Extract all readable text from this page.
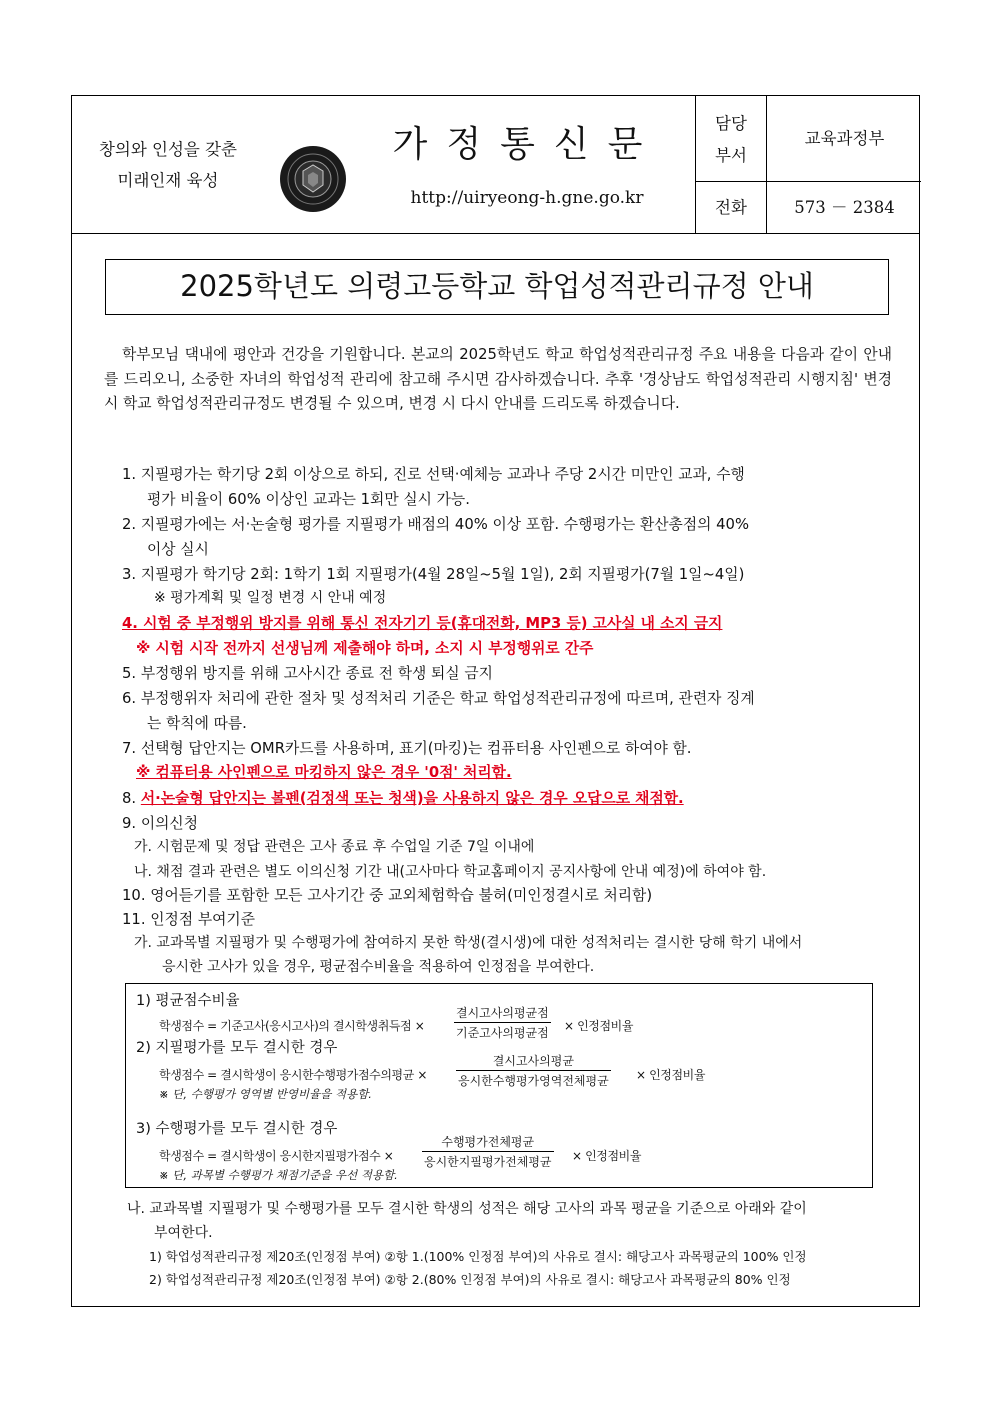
창의와 인성을 갖춘
미래인재 육성
가정통신문
http://uiryeong-h.gne.go.kr
담당
부서
교육과정부
전화	573 － 2384
2025학년도 의령고등학교 학업성적관리규정 안내
학부모님 댁내에 평안과 건강을 기원합니다. 본교의 2025학년도 학교 학업성적관리규정 주요 내용을 다음과 같이 안내를 드리오니, 소중한 자녀의 학업성적 관리에 참고해 주시면 감사하겠습니다. 추후 '경상남도 학업성적관리 시행지침' 변경 시 학교 학업성적관리규정도 변경될 수 있으며, 변경 시 다시 안내를 드리도록 하겠습니다.
1. 지필평가는 학기당 2회 이상으로 하되, 진로 선택·예체능 교과나 주당 2시간 미만인 교과, 수행
평가 비율이 60% 이상인 교과는 1회만 실시 가능.
2. 지필평가에는 서·논술형 평가를 지필평가 배점의 40% 이상 포함. 수행평가는 환산총점의 40%
이상 실시
3. 지필평가 학기당 2회: 1학기 1회 지필평가(4월 28일~5월 1일), 2회 지필평가(7월 1일~4일)
※ 평가계획 및 일정 변경 시 안내 예정
4. 시험 중 부정행위 방지를 위해 통신 전자기기 등(휴대전화, MP3 등) 고사실 내 소지 금지
※ 시험 시작 전까지 선생님께 제출해야 하며, 소지 시 부정행위로 간주
5. 부정행위 방지를 위해 고사시간 종료 전 학생 퇴실 금지
6. 부정행위자 처리에 관한 절차 및 성적처리 기준은 학교 학업성적관리규정에 따르며, 관련자 징계
는 학칙에 따름.
7. 선택형 답안지는 OMR카드를 사용하며, 표기(마킹)는 컴퓨터용 사인펜으로 하여야 함.
※ 컴퓨터용 사인펜으로 마킹하지 않은 경우 '0점' 처리함.
8. 서·논술형 답안지는 볼펜(검정색 또는 청색)을 사용하지 않은 경우 오답으로 채점함.
9. 이의신청
가. 시험문제 및 정답 관련은 고사 종료 후 수업일 기준 7일 이내에
나. 채점 결과 관련은 별도 이의신청 기간 내(고사마다 학교홈페이지 공지사항에 안내 예정)에 하여야 함.
10. 영어듣기를 포함한 모든 고사기간 중 교외체험학습 불허(미인정결시로 처리함)
11. 인정점 부여기준
가. 교과목별 지필평가 및 수행평가에 참여하지 못한 학생(결시생)에 대한 성적처리는 결시한 당해 학기 내에서
응시한 고사가 있을 경우, 평균점수비율을 적용하여 인정점을 부여한다.
1) 평균점수비율
학생점수 = 기준고사(응시고사)의 결시학생취득점 ×
결시고사의평균점
기준고사의평균점 × 인정점비율
2) 지필평가를 모두 결시한 경우
학생점수 = 결시학생이 응시한수행평가점수의평균 ×
결시고사의평균
응시한수행평가영역전체평균 × 인정점비율
※ 단, 수행평가 영역별 반영비율을 적용함.
3) 수행평가를 모두 결시한 경우
학생점수 = 결시학생이 응시한지필평가점수 ×
수행평가전체평균
응시한지필평가전체평균 × 인정점비율
※ 단, 과목별 수행평가 채점기준을 우선 적용함.
나. 교과목별 지필평가 및 수행평가를 모두 결시한 학생의 성적은 해당 고사의 과목 평균을 기준으로 아래와 같이
부여한다.
1) 학업성적관리규정 제20조(인정점 부여) ②항 1.(100% 인정점 부여)의 사유로 결시: 해당고사 과목평균의 100% 인정
2) 학업성적관리규정 제20조(인정점 부여) ②항 2.(80% 인정점 부여)의 사유로 결시: 해당고사 과목평균의 80% 인정
